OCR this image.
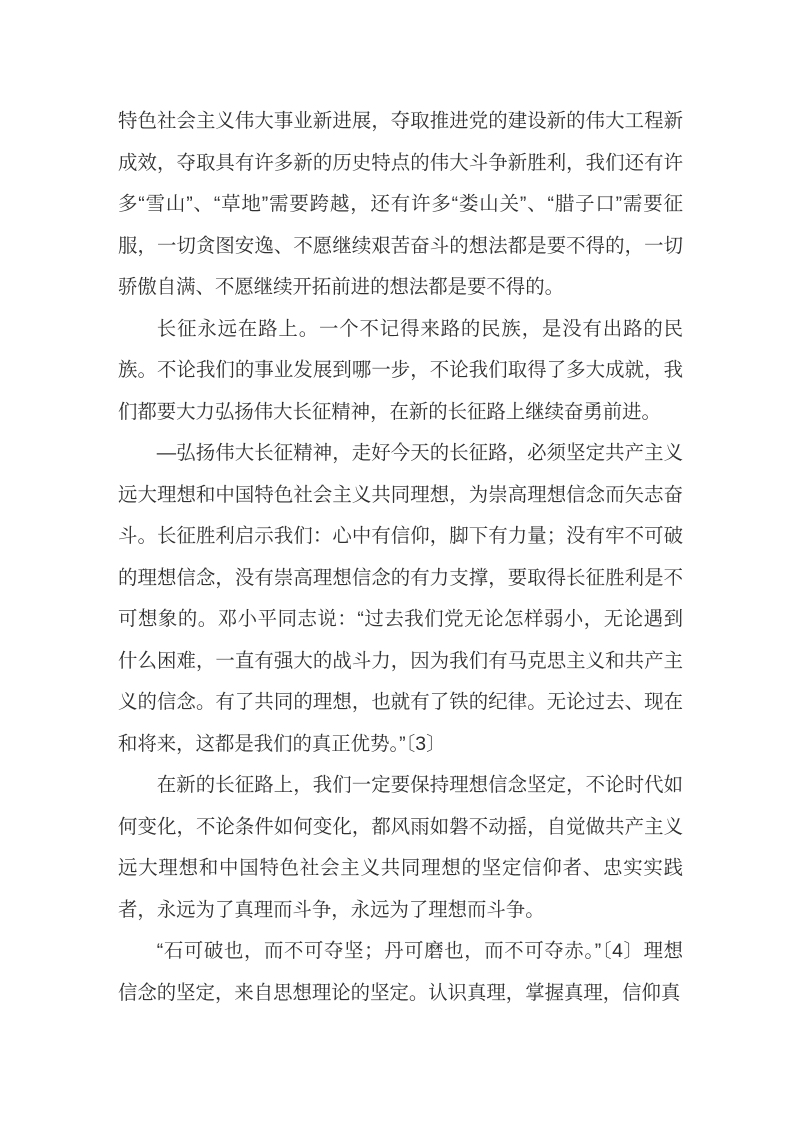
特色社会主义伟大事业新进展，夺取推进党的建设新的伟大工程新成效，夺取具有许多新的历史特点的伟大斗争新胜利，我们还有许多“雪山”、“草地”需要跨越，还有许多“娄山关”、“腊子口”需要征服，一切贪图安逸、不愿继续艰苦奋斗的想法都是要不得的，一切骄傲自满、不愿继续开拓前进的想法都是要不得的。

长征永远在路上。一个不记得来路的民族，是没有出路的民族。不论我们的事业发展到哪一步，不论我们取得了多大成就，我们都要大力弘扬伟大长征精神，在新的长征路上继续奋勇前进。

—弘扬伟大长征精神，走好今天的长征路，必须坚定共产主义远大理想和中国特色社会主义共同理想，为崇高理想信念而矢志奋斗。长征胜利启示我们：心中有信仰，脚下有力量；没有牢不可破的理想信念，没有崇高理想信念的有力支撑，要取得长征胜利是不可想象的。邓小平同志说：“过去我们党无论怎样弱小，无论遇到什么困难，一直有强大的战斗力，因为我们有马克思主义和共产主义的信念。有了共同的理想，也就有了铁的纪律。无论过去、现在和将来，这都是我们的真正优势。”〔3〕

在新的长征路上，我们一定要保持理想信念坚定，不论时代如何变化，不论条件如何变化，都风雨如磐不动摇，自觉做共产主义远大理想和中国特色社会主义共同理想的坚定信仰者、忠实实践者，永远为了真理而斗争，永远为了理想而斗争。

“石可破也，而不可夺坚；丹可磨也，而不可夺赤。”〔4〕理想信念的坚定，来自思想理论的坚定。认识真理，掌握真理，信仰真
